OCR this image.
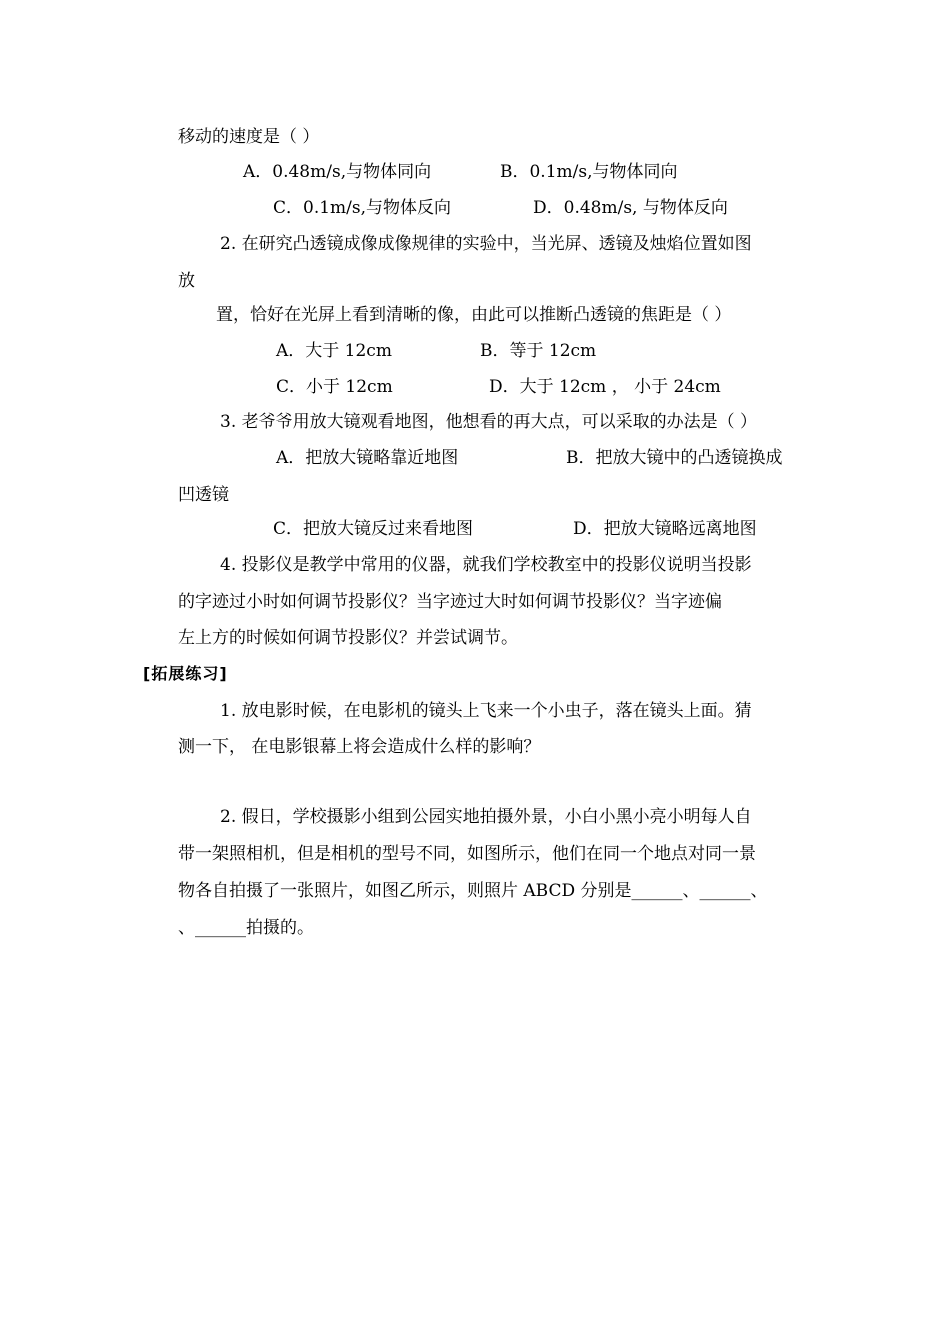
移动的速度是（ ）
A．0.48m/s,与物体同向	B．0.1m/s,与物体同向
C．0.1m/s,与物体反向	D．0.48m/s, 与物体反向
2. 在研究凸透镜成像成像规律的实验中，当光屏、透镜及烛焰位置如图
放
置，恰好在光屏上看到清晰的像，由此可以推断凸透镜的焦距是（ ）
A．大于 12cm	B．等于 12cm
C．小于 12cm	D．大于 12cm ， 小于 24cm
3. 老爷爷用放大镜观看地图，他想看的再大点，可以采取的办法是（ ）
A．把放大镜略靠近地图	B．把放大镜中的凸透镜换成
凹透镜
C．把放大镜反过来看地图	D．把放大镜略远离地图
4. 投影仪是教学中常用的仪器，就我们学校教室中的投影仪说明当投影
的字迹过小时如何调节投影仪？当字迹过大时如何调节投影仪？当字迹偏
左上方的时候如何调节投影仪？并尝试调节。
[拓展练习]
1. 放电影时候，在电影机的镜头上飞来一个小虫子，落在镜头上面。猜
测一下， 在电影银幕上将会造成什么样的影响？
2. 假日，学校摄影小组到公园实地拍摄外景，小白小黑小亮小明每人自
带一架照相机，但是相机的型号不同，如图所示，他们在同一个地点对同一景
物各自拍摄了一张照片，如图乙所示，则照片 ABCD 分别是______、______、
、______拍摄的。
